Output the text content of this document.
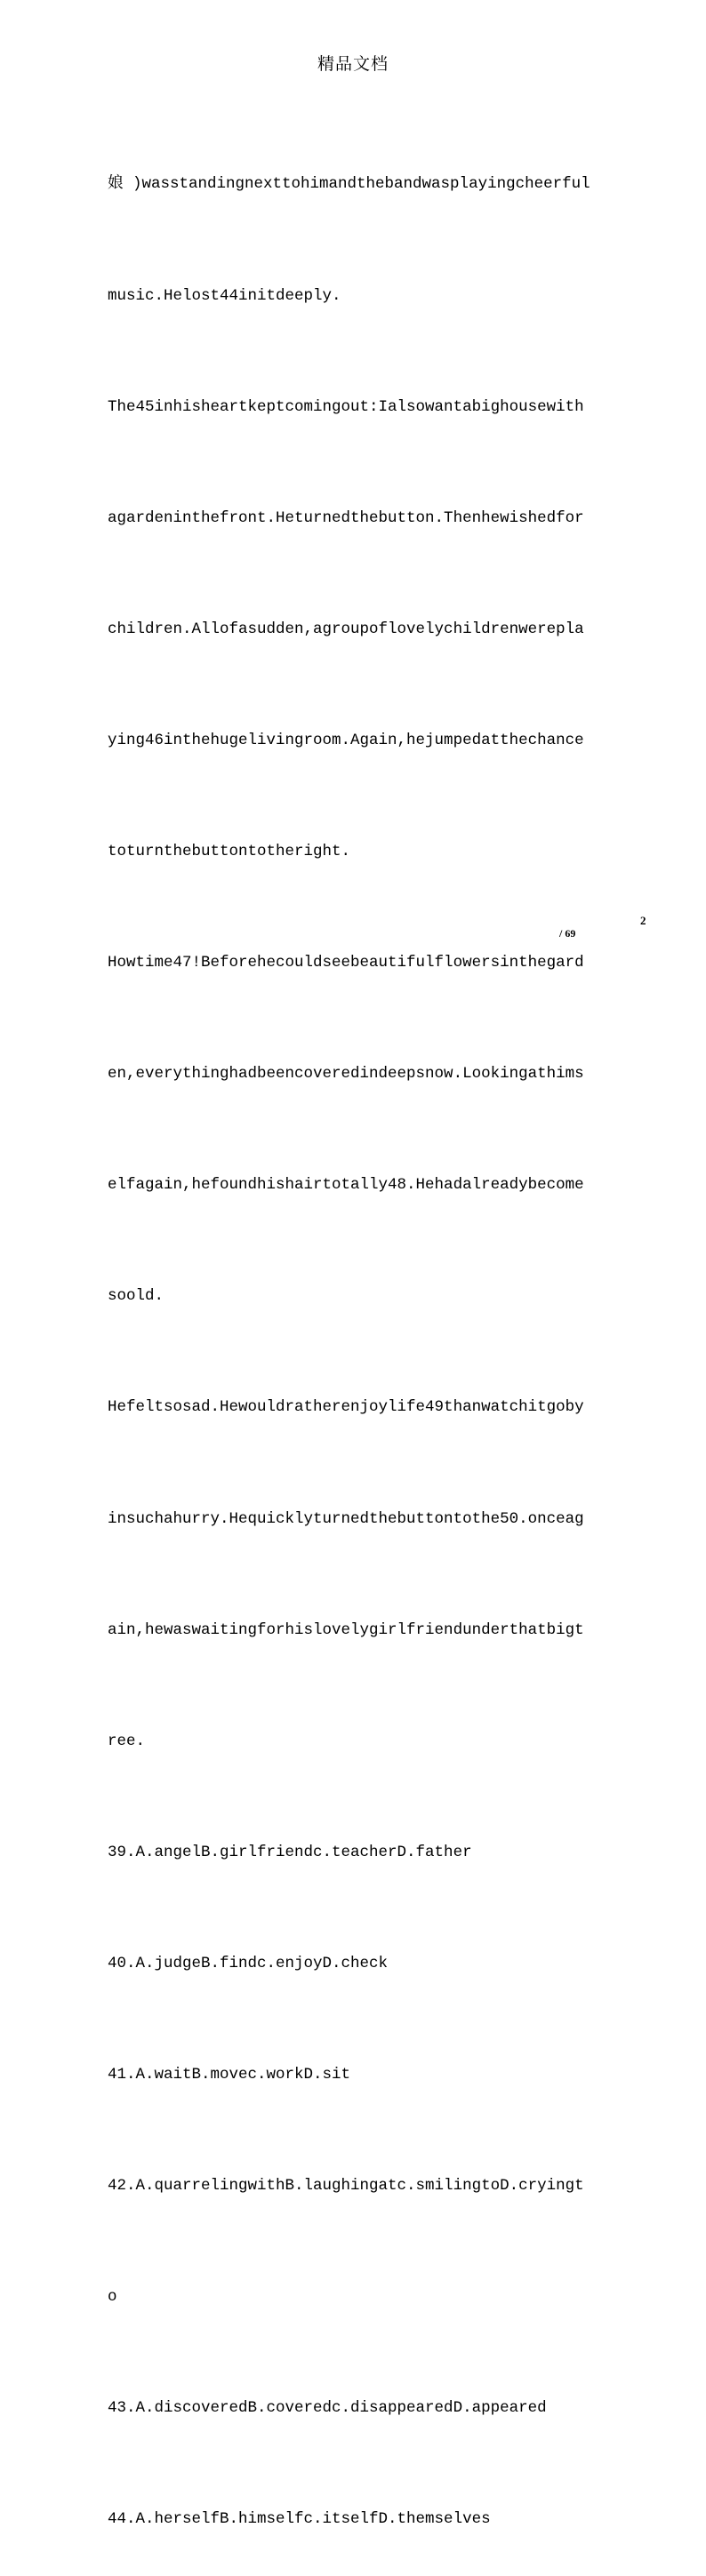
精品文档

娘 )wasstandingnexttohimandthebandwasplayingcheerful

music.Helost44initdeeply.

The45inhisheartkeptcomingout:Ialsowantabighousewith

agardeninthefront.Heturnedthebutton.Thenhewishedfor

children.Allofasudden,agroupoflovelychildrenwerepla

ying46inthehugelivingroom.Again,hejumpedatthechance

toturnthebuttontotheright.

Howtime47!Beforehecouldseebeautifulflowersinthegard

en,everythinghadbeencoveredindeepsnow.Lookingathims

elfagain,hefoundhishairtotally48.Hehadalreadybecome

soold.

Hefeltsosad.Hewouldratherenjoylife49thanwatchitgoby

insuchahurry.Hequicklyturnedthebuttontothe50.onceag

ain,hewaswaitingforhislovelygirlfriendunderthatbigt

ree.

39.A.angelB.girlfriendc.teacherD.father

40.A.judgeB.findc.enjoyD.check

41.A.waitB.movec.workD.sit

42.A.quarrelingwithB.laughingatc.smilingtoD.cryingt

o

43.A.discoveredB.coveredc.disappearedD.appeared

44.A.herselfB.himselfc.itselfD.themselves

2
/ 69
